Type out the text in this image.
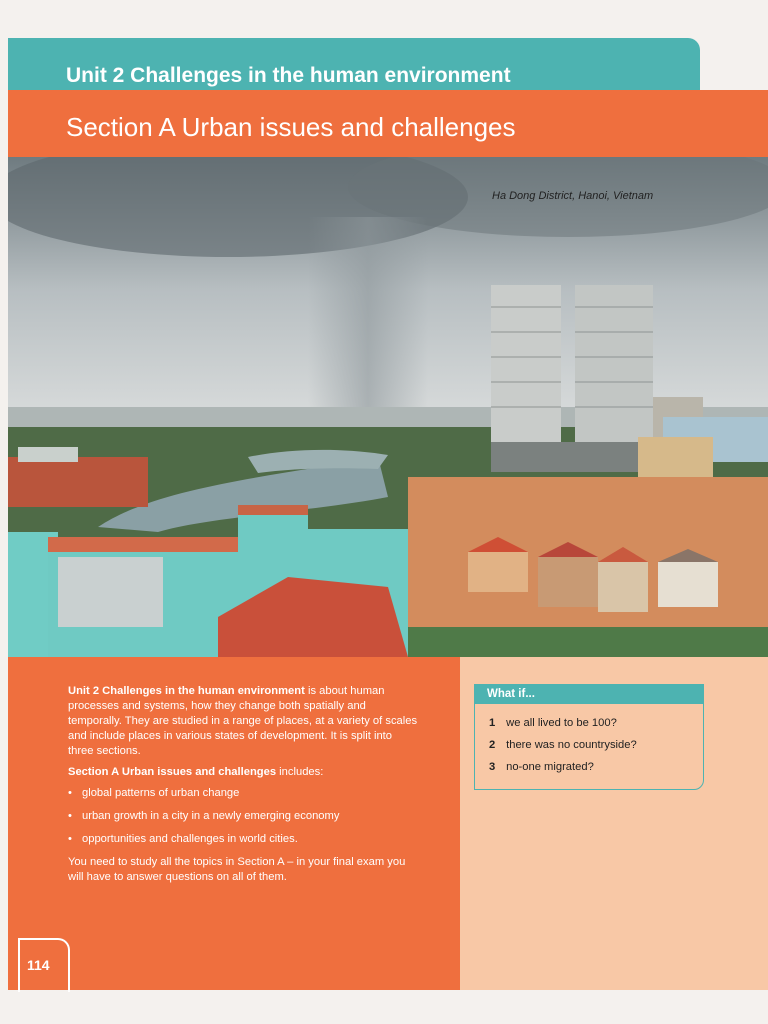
Unit 2 Challenges in the human environment
Section A Urban issues and challenges
Ha Dong District, Hanoi, Vietnam

Unit 2 Challenges in the human environment is about human processes and systems, how they change both spatially and temporally. They are studied in a range of places, at a variety of scales and include places in various states of development. It is split into three sections.

Section A Urban issues and challenges includes:

• global patterns of urban change
• urban growth in a city in a newly emerging economy
• opportunities and challenges in world cities.

You need to study all the topics in Section A – in your final exam you will have to answer questions on all of them.

What if...
1 we all lived to be 100?
2 there was no countryside?
3 no-one migrated?
114
